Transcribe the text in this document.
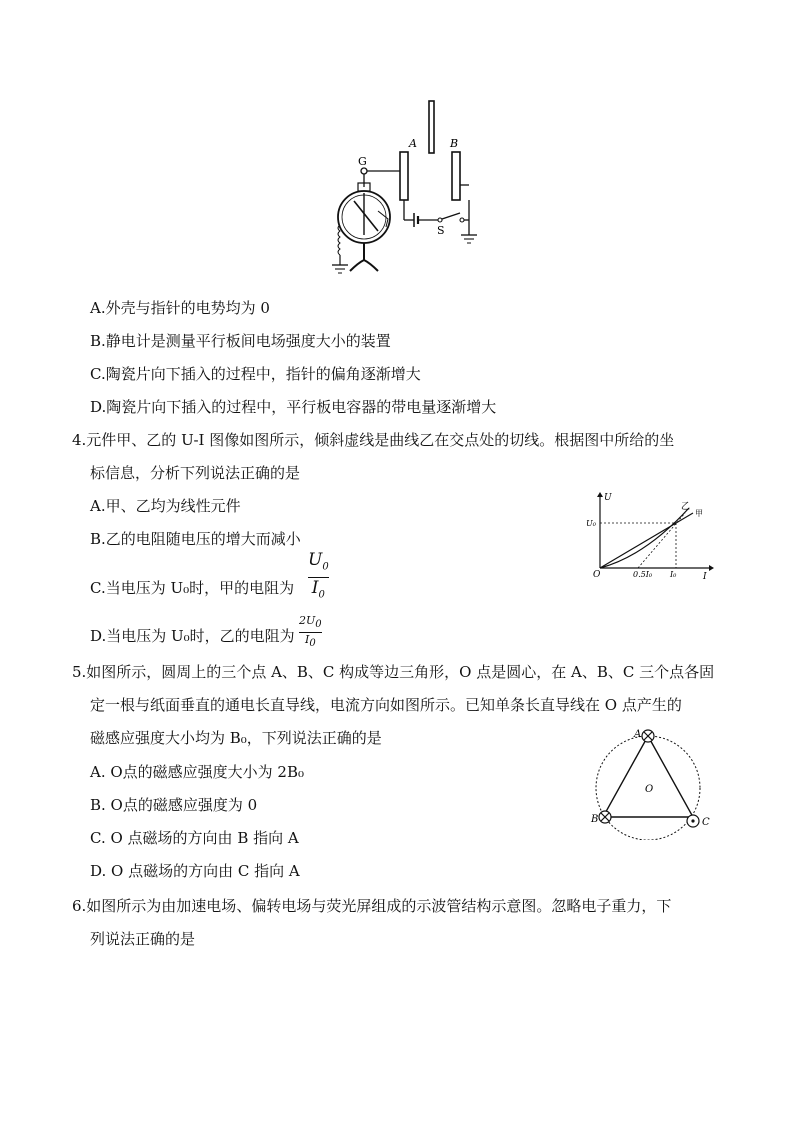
A	B
G
S
A.外壳与指针的电势均为 0
B.静电计是测量平行板间电场强度大小的装置
C.陶瓷片向下插入的过程中，指针的偏角逐渐增大
D.陶瓷片向下插入的过程中，平行板电容器的带电量逐渐增大
4.元件甲、乙的 U-I 图像如图所示，倾斜虚线是曲线乙在交点处的切线。根据图中所给的坐
标信息，分析下列说法正确的是
A.甲、乙均为线性元件
B.乙的电阻随电压的增大而减小
C.当电压为 U₀时，甲的电阻为
$U_0$
$I_0$
D.当电压为 U₀时，乙的电阻为
$2U_0$
$I_0$
U
I
O
U₀
0.5I₀ I₀
乙
甲
5.如图所示，圆周上的三个点 A、B、C 构成等边三角形，O 点是圆心，在 A、B、C 三个点各固
定一根与纸面垂直的通电长直导线，电流方向如图所示。已知单条长直导线在 O 点产生的
磁感应强度大小均为 B₀，下列说法正确的是
A. O点的磁感应强度大小为 2B₀
B. O点的磁感应强度为 0
C. O 点磁场的方向由 B 指向 A
D. O 点磁场的方向由 C 指向 A
A
B	C
O
6.如图所示为由加速电场、偏转电场与荧光屏组成的示波管结构示意图。忽略电子重力，下
列说法正确的是
